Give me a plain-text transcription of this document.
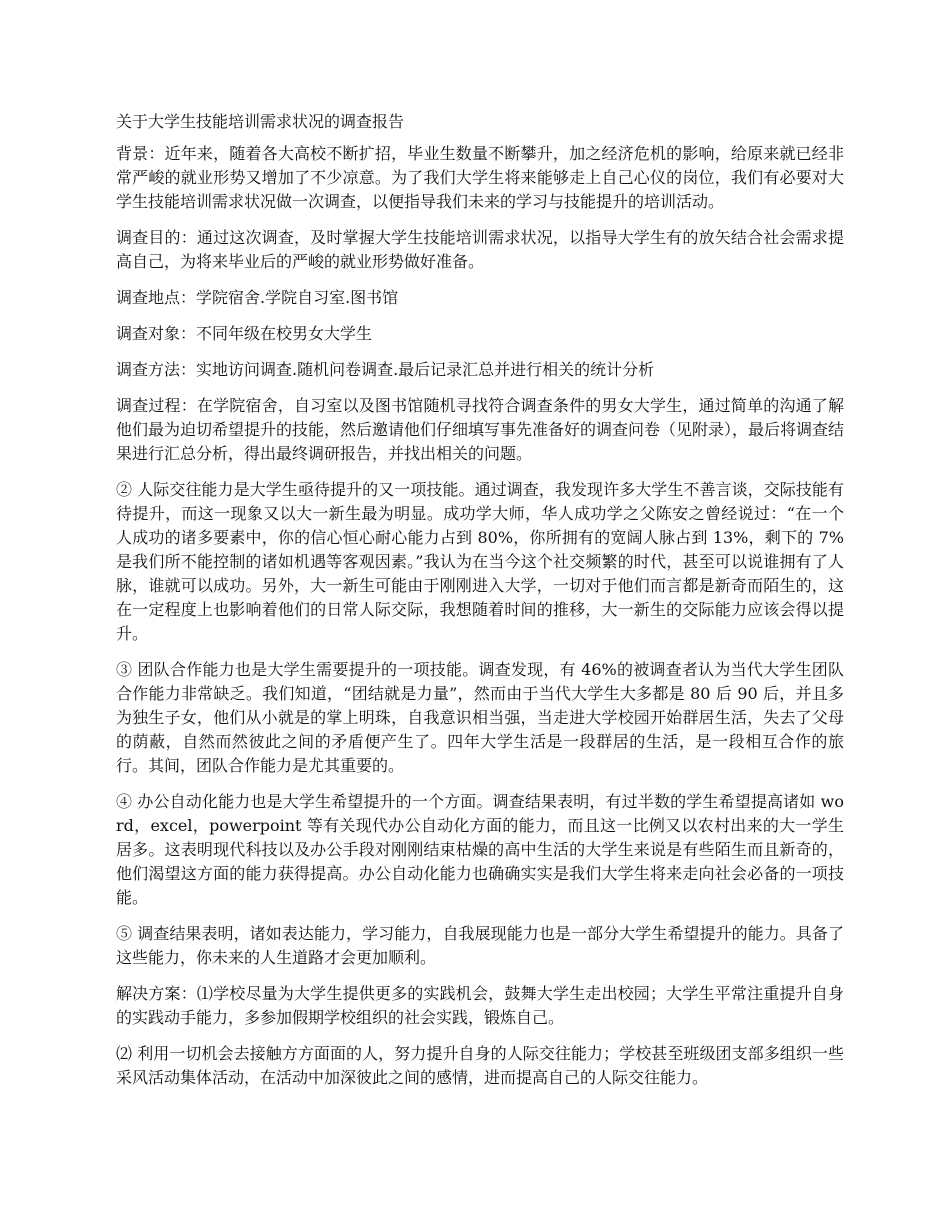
关于大学生技能培训需求状况的调查报告

背景：近年来，随着各大高校不断扩招，毕业生数量不断攀升，加之经济危机的影响，给原来就已经非常严峻的就业形势又增加了不少凉意。为了我们大学生将来能够走上自己心仪的岗位，我们有必要对大学生技能培训需求状况做一次调查，以便指导我们未来的学习与技能提升的培训活动。

调查目的：通过这次调查，及时掌握大学生技能培训需求状况，以指导大学生有的放矢结合社会需求提高自己，为将来毕业后的严峻的就业形势做好准备。

调查地点：学院宿舍.学院自习室.图书馆

调查对象：不同年级在校男女大学生

调查方法：实地访问调查.随机问卷调查.最后记录汇总并进行相关的统计分析

调查过程：在学院宿舍，自习室以及图书馆随机寻找符合调查条件的男女大学生，通过简单的沟通了解他们最为迫切希望提升的技能，然后邀请他们仔细填写事先准备好的调查问卷（见附录），最后将调查结果进行汇总分析，得出最终调研报告，并找出相关的问题。

② 人际交往能力是大学生亟待提升的又一项技能。通过调查，我发现许多大学生不善言谈，交际技能有待提升，而这一现象又以大一新生最为明显。成功学大师，华人成功学之父陈安之曾经说过：“在一个人成功的诸多要素中，你的信心恒心耐心能力占到 80%，你所拥有的宽阔人脉占到 13%，剩下的 7%是我们所不能控制的诸如机遇等客观因素。”我认为在当今这个社交频繁的时代，甚至可以说谁拥有了人脉，谁就可以成功。另外，大一新生可能由于刚刚进入大学，一切对于他们而言都是新奇而陌生的，这在一定程度上也影响着他们的日常人际交际，我想随着时间的推移，大一新生的交际能力应该会得以提升。

③ 团队合作能力也是大学生需要提升的一项技能。调查发现，有 46%的被调查者认为当代大学生团队合作能力非常缺乏。我们知道，“团结就是力量”，然而由于当代大学生大多都是 80 后 90 后，并且多为独生子女，他们从小就是的掌上明珠，自我意识相当强，当走进大学校园开始群居生活，失去了父母的荫蔽，自然而然彼此之间的矛盾便产生了。四年大学生活是一段群居的生活，是一段相互合作的旅行。其间，团队合作能力是尤其重要的。

④ 办公自动化能力也是大学生希望提升的一个方面。调查结果表明，有过半数的学生希望提高诸如 word，excel，powerpoint 等有关现代办公自动化方面的能力，而且这一比例又以农村出来的大一学生居多。这表明现代科技以及办公手段对刚刚结束枯燥的高中生活的大学生来说是有些陌生而且新奇的，他们渴望这方面的能力获得提高。办公自动化能力也确确实实是我们大学生将来走向社会必备的一项技能。

⑤ 调查结果表明，诸如表达能力，学习能力，自我展现能力也是一部分大学生希望提升的能力。具备了这些能力，你未来的人生道路才会更加顺利。

解决方案：⑴学校尽量为大学生提供更多的实践机会，鼓舞大学生走出校园；大学生平常注重提升自身的实践动手能力，多参加假期学校组织的社会实践，锻炼自己。

⑵ 利用一切机会去接触方方面面的人，努力提升自身的人际交往能力；学校甚至班级团支部多组织一些采风活动集体活动，在活动中加深彼此之间的感情，进而提高自己的人际交往能力。
